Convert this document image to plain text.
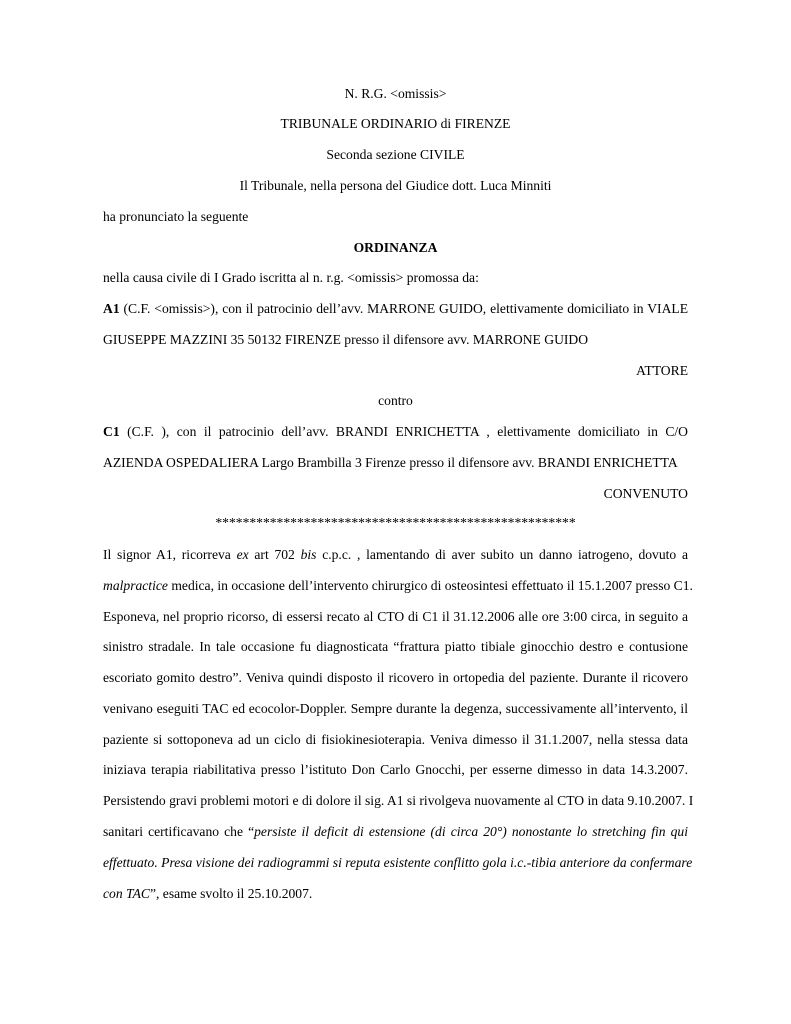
N. R.G. <omissis>
TRIBUNALE ORDINARIO di FIRENZE
Seconda sezione CIVILE
Il Tribunale, nella persona del Giudice dott. Luca Minniti
ha pronunciato la seguente
ORDINANZA
nella causa civile di I Grado iscritta al n. r.g. <omissis> promossa da:
A1 (C.F. <omissis>), con il patrocinio dell’avv. MARRONE GUIDO, elettivamente domiciliato in VIALE
GIUSEPPE MAZZINI 35 50132 FIRENZE presso il difensore avv. MARRONE GUIDO
ATTORE
contro
C1 (C.F. ), con il patrocinio dell’avv. BRANDI ENRICHETTA , elettivamente domiciliato in C/O
AZIENDA OSPEDALIERA Largo Brambilla 3 Firenze presso il difensore avv. BRANDI ENRICHETTA
CONVENUTO
*****************************************************
Il signor A1, ricorreva ex art 702 bis c.p.c. , lamentando di aver subito un danno iatrogeno, dovuto a
malpractice medica, in occasione dell’intervento chirurgico di osteosintesi effettuato il 15.1.2007 presso C1.
Esponeva, nel proprio ricorso, di essersi recato al CTO di C1 il 31.12.2006 alle ore 3:00 circa, in seguito a
sinistro stradale. In tale occasione fu diagnosticata “frattura piatto tibiale ginocchio destro e contusione
escoriato gomito destro”. Veniva quindi disposto il ricovero in ortopedia del paziente. Durante il ricovero
venivano eseguiti TAC ed ecocolor-Doppler. Sempre durante la degenza, successivamente all’intervento, il
paziente si sottoponeva ad un ciclo di fisiokinesioterapia. Veniva dimesso il 31.1.2007, nella stessa data
iniziava terapia riabilitativa presso l’istituto Don Carlo Gnocchi, per esserne dimesso in data 14.3.2007.
Persistendo gravi problemi motori e di dolore il sig. A1 si rivolgeva nuovamente al CTO in data 9.10.2007. I
sanitari certificavano che “persiste il deficit di estensione (di circa 20°) nonostante lo stretching fin qui
effettuato. Presa visione dei radiogrammi si reputa esistente conflitto gola i.c.-tibia anteriore da confermare
con TAC”, esame svolto il 25.10.2007.
